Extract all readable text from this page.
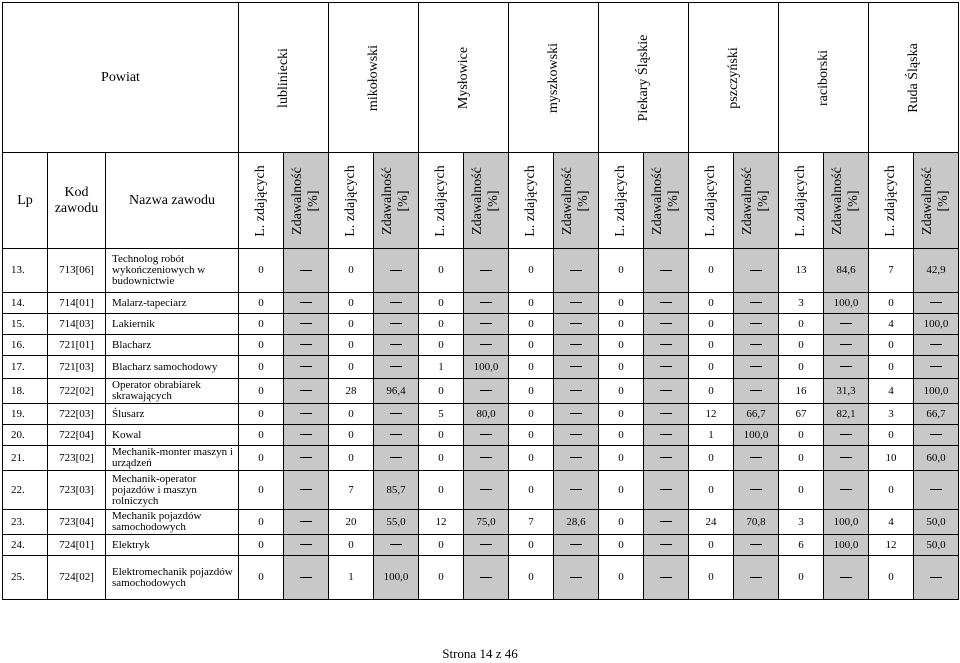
Powiat			lubliniecki		mikołowski		Mysłowice		myszkowski		Piekary Śląskie		pszczyński		raciborski		Ruda Śląska	

Lp	Kod zawodu	Nazwa zawodu	L. zdających	Zdawalność [%]	L. zdających	Zdawalność [%]	L. zdających	Zdawalność [%]	L. zdających	Zdawalność [%]	L. zdających	Zdawalność [%]	L. zdających	Zdawalność [%]	L. zdających	Zdawalność [%]	L. zdających	Zdawalność [%]

13.	713[06]	Technolog robót wykończeniowych w budownictwie	0		0		0		0		0		0		13	84,6	7	42,9
14.	714[01]	Malarz-tapeciarz	0		0		0		0		0		0		3	100,0	0	
15.	714[03]	Lakiernik	0		0		0		0		0		0		0		4	100,0
16.	721[01]	Blacharz	0		0		0		0		0		0		0		0	
17.	721[03]	Blacharz samochodowy	0		0		1	100,0	0		0		0		0		0	
18.	722[02]	Operator obrabiarek skrawających	0		28	96,4	0		0		0		0		16	31,3	4	100,0
19.	722[03]	Ślusarz	0		0		5	80,0	0		0		12	66,7	67	82,1	3	66,7
20.	722[04]	Kowal	0		0		0		0		0		1	100,0	0		0	
21.	723[02]	Mechanik-monter maszyn i urządzeń	0		0		0		0		0		0		0		10	60,0
22.	723[03]	Mechanik-operator pojazdów i maszyn rolniczych	0		7	85,7	0		0		0		0		0		0	
23.	723[04]	Mechanik pojazdów samochodowych	0		20	55,0	12	75,0	7	28,6	0		24	70,8	3	100,0	4	50,0
24.	724[01]	Elektryk	0		0		0		0		0		0		6	100,0	12	50,0
25.	724[02]	Elektromechanik pojazdów samochodowych	0		1	100,0	0		0		0		0		0		0	
Strona 14 z 46
